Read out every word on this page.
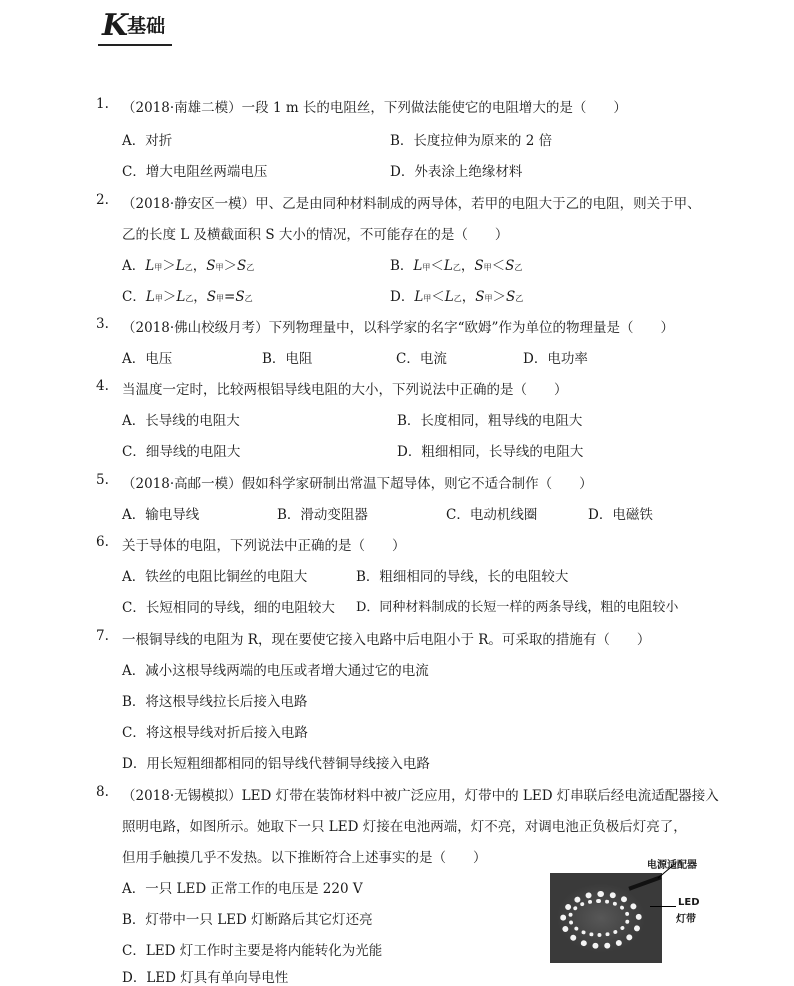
K基础
1. （2018·南雄二模）一段 1 m 长的电阻丝，下列做法能使它的电阻增大的是（　　）
A．对折	B．长度拉伸为原来的 2 倍
C．增大电阻丝两端电压	D．外表涂上绝缘材料
2. （2018·静安区一模）甲、乙是由同种材料制成的两导体，若甲的电阻大于乙的电阻，则关于甲、
乙的长度 L 及横截面积 S 大小的情况，不可能存在的是（　　）
A．L甲＞L乙，S甲＞S乙	B．L甲＜L乙，S甲＜S乙
C．L甲＞L乙，S甲=S乙	D．L甲＜L乙，S甲＞S乙
3. （2018·佛山校级月考）下列物理量中，以科学家的名字“欧姆”作为单位的物理量是（　　）
A．电压	B．电阻	C．电流	D．电功率
4. 当温度一定时，比较两根铝导线电阻的大小，下列说法中正确的是（　　）
A．长导线的电阻大	B．长度相同，粗导线的电阻大
C．细导线的电阻大	D．粗细相同，长导线的电阻大
5. （2018·高邮一模）假如科学家研制出常温下超导体，则它不适合制作（　　）
A．输电导线	B．滑动变阻器	C．电动机线圈	D．电磁铁
6. 关于导体的电阻，下列说法中正确的是（　　）
A．铁丝的电阻比铜丝的电阻大	B．粗细相同的导线，长的电阻较大
C．长短相同的导线，细的电阻较大 D．同种材料制成的长短一样的两条导线，粗的电阻较小
7. 一根铜导线的电阻为 R，现在要使它接入电路中后电阻小于 R。可采取的措施有（　　）
A．减小这根导线两端的电压或者增大通过它的电流
B．将这根导线拉长后接入电路
C．将这根导线对折后接入电路
D．用长短粗细都相同的铝导线代替铜导线接入电路
8. （2018·无锡模拟）LED 灯带在装饰材料中被广泛应用，灯带中的 LED 灯串联后经电流适配器接入
照明电路，如图所示。她取下一只 LED 灯接在电池两端，灯不亮，对调电池正负极后灯亮了，
但用手触摸几乎不发热。以下推断符合上述事实的是（　　）
A．一只 LED 正常工作的电压是 220 V
B．灯带中一只 LED 灯断路后其它灯还亮
C．LED 灯工作时主要是将内能转化为光能
D．LED 灯具有单向导电性
电源适配器
LED
灯带
